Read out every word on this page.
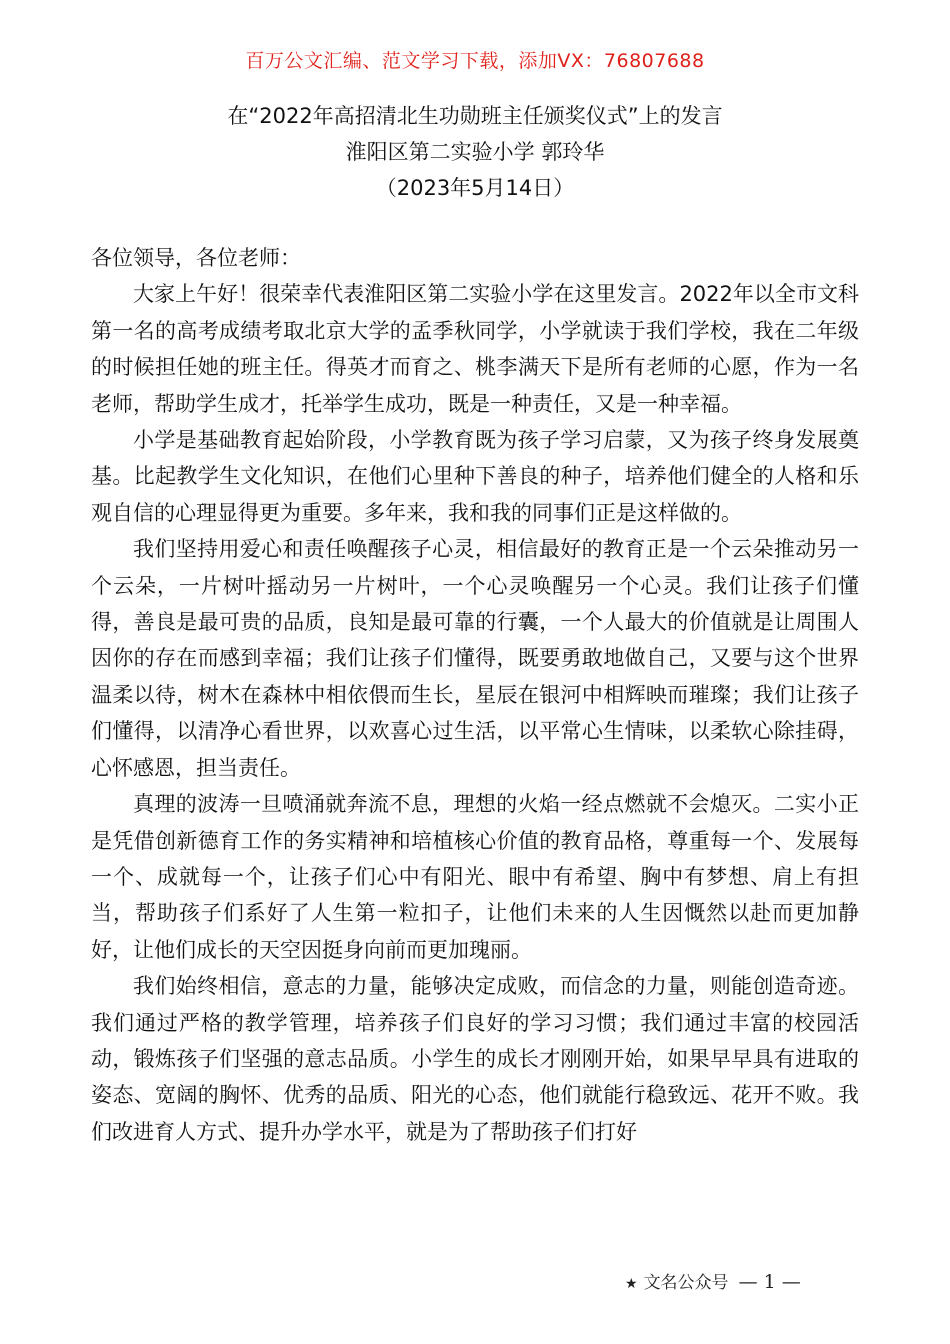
百万公文汇编、范文学习下载，添加VX：76807688
在“2022年高招清北生功勋班主任颁奖仪式”上的发言
淮阳区第二实验小学 郭玲华
（2023年5月14日）

各位领导，各位老师：

大家上午好！很荣幸代表淮阳区第二实验小学在这里发言。2022年以全市文科第一名的高考成绩考取北京大学的孟季秋同学，小学就读于我们学校，我在二年级的时候担任她的班主任。得英才而育之、桃李满天下是所有老师的心愿，作为一名老师，帮助学生成才，托举学生成功，既是一种责任，又是一种幸福。

小学是基础教育起始阶段，小学教育既为孩子学习启蒙，又为孩子终身发展奠基。比起教学生文化知识，在他们心里种下善良的种子，培养他们健全的人格和乐观自信的心理显得更为重要。多年来，我和我的同事们正是这样做的。

我们坚持用爱心和责任唤醒孩子心灵，相信最好的教育正是一个云朵推动另一个云朵，一片树叶摇动另一片树叶，一个心灵唤醒另一个心灵。我们让孩子们懂得，善良是最可贵的品质，良知是最可靠的行囊，一个人最大的价值就是让周围人因你的存在而感到幸福；我们让孩子们懂得，既要勇敢地做自己，又要与这个世界温柔以待，树木在森林中相依偎而生长，星辰在银河中相辉映而璀璨；我们让孩子们懂得，以清净心看世界，以欢喜心过生活，以平常心生情味，以柔软心除挂碍，心怀感恩，担当责任。

真理的波涛一旦喷涌就奔流不息，理想的火焰一经点燃就不会熄灭。二实小正是凭借创新德育工作的务实精神和培植核心价值的教育品格，尊重每一个、发展每一个、成就每一个，让孩子们心中有阳光、眼中有希望、胸中有梦想、肩上有担当，帮助孩子们系好了人生第一粒扣子，让他们未来的人生因慨然以赴而更加静好，让他们成长的天空因挺身向前而更加瑰丽。

我们始终相信，意志的力量，能够决定成败，而信念的力量，则能创造奇迹。我们通过严格的教学管理，培养孩子们良好的学习习惯；我们通过丰富的校园活动，锻炼孩子们坚强的意志品质。小学生的成长才刚刚开始，如果早早具有进取的姿态、宽阔的胸怀、优秀的品质、阳光的心态，他们就能行稳致远、花开不败。我们改进育人方式、提升办学水平，就是为了帮助孩子们打好

★ 文名公众号 — 1 —
